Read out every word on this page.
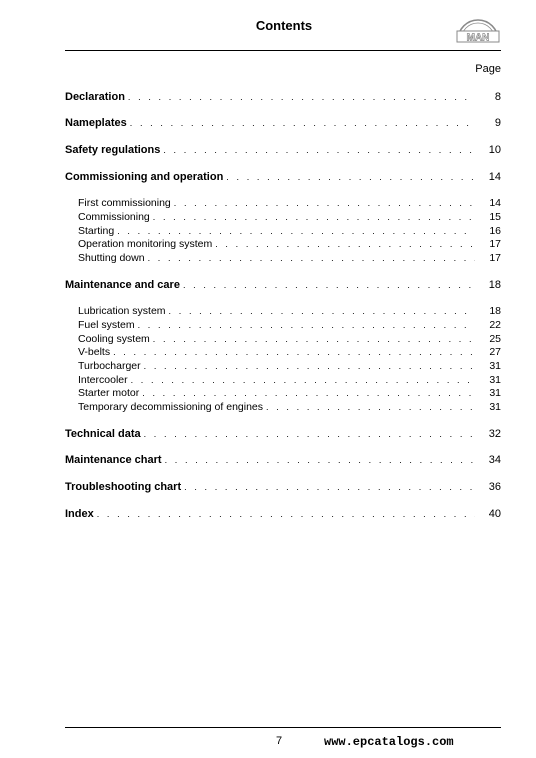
Contents
MAN
Page
Declaration . . .	8
Nameplates . . .	9
Safety regulations . . .	10
Commissioning and operation . . .	14
First commissioning . . .	14
Commissioning . . .	15
Starting . . .	16
Operation monitoring system . . .	17
Shutting down . . .	17
Maintenance and care . . .	18
Lubrication system . . .	18
Fuel system . . .	22
Cooling system . . .	25
V-belts . . .	27
Turbocharger . . .	31
Intercooler . . .	31
Starter motor . . .	31
Temporary decommissioning of engines . . .	31
Technical data . . .	32
Maintenance chart . . .	34
Troubleshooting chart . . .	36
Index . . .	40
7	www.epcatalogs.com
